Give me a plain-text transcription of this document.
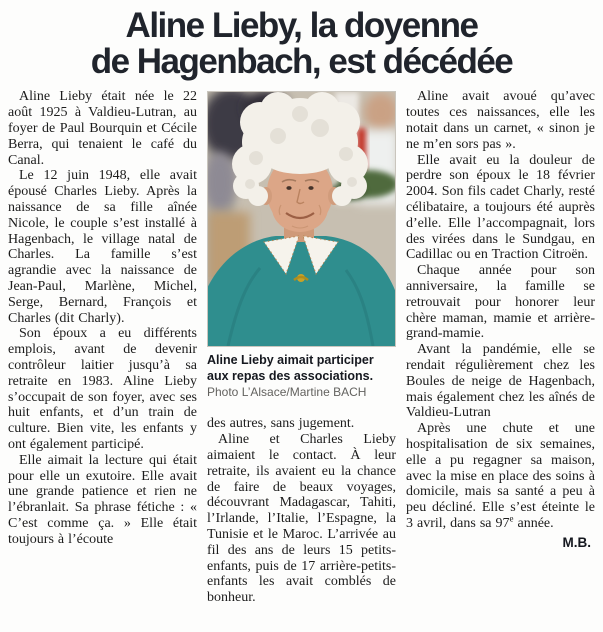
Aline Lieby, la doyenne
de Hagenbach, est décédée

Aline Lieby était née le 22 août 1925 à Valdieu-Lutran, au foyer de Paul Bourquin et Cécile Berra, qui tenaient le café du Canal.

Le 12 juin 1948, elle avait épousé Charles Lieby. Après la naissance de sa fille aînée Nicole, le couple s’est installé à Hagenbach, le village natal de Charles. La famille s’est agrandie avec la naissance de Jean-Paul, Marlène, Michel, Serge, Bernard, François et Charles (dit Charly).

Son époux a eu différents emplois, avant de devenir contrôleur laitier jusqu’à sa retraite en 1983. Aline Lieby s’occupait de son foyer, avec ses huit enfants, et d’un train de culture. Bien vite, les enfants y ont également participé.

Elle aimait la lecture qui était pour elle un exutoire. Elle avait une grande patience et rien ne l’ébranlait. Sa phrase fétiche : « C’est comme ça. » Elle était toujours à l’écoute

Aline Lieby aimait participer aux repas des associations.
Photo L’Alsace/Martine BACH

des autres, sans jugement.

Aline et Charles Lieby aimaient le contact. À leur retraite, ils avaient eu la chance de faire de beaux voyages, découvrant Madagascar, Tahiti, l’Irlande, l’Italie, l’Espagne, la Tunisie et le Maroc. L’arrivée au fil des ans de leurs 15 petits-enfants, puis de 17 arrière-petits-enfants les avait comblés de bonheur.

Aline avait avoué qu’avec toutes ces naissances, elle les notait dans un carnet, « sinon je ne m’en sors pas ».

Elle avait eu la douleur de perdre son époux le 18 février 2004. Son fils cadet Charly, resté célibataire, a toujours été auprès d’elle. Elle l’accompagnait, lors des virées dans le Sundgau, en Cadillac ou en Traction Citroën.

Chaque année pour son anniversaire, la famille se retrouvait pour honorer leur chère maman, mamie et arrière-grand-mamie.

Avant la pandémie, elle se rendait régulièrement chez les Boules de neige de Hagenbach, mais également chez les aînés de Valdieu-Lutran

Après une chute et une hospitalisation de six semaines, elle a pu regagner sa maison, avec la mise en place des soins à domicile, mais sa santé a peu à peu décliné. Elle s’est éteinte le 3 avril, dans sa 97e année.

M.B.
